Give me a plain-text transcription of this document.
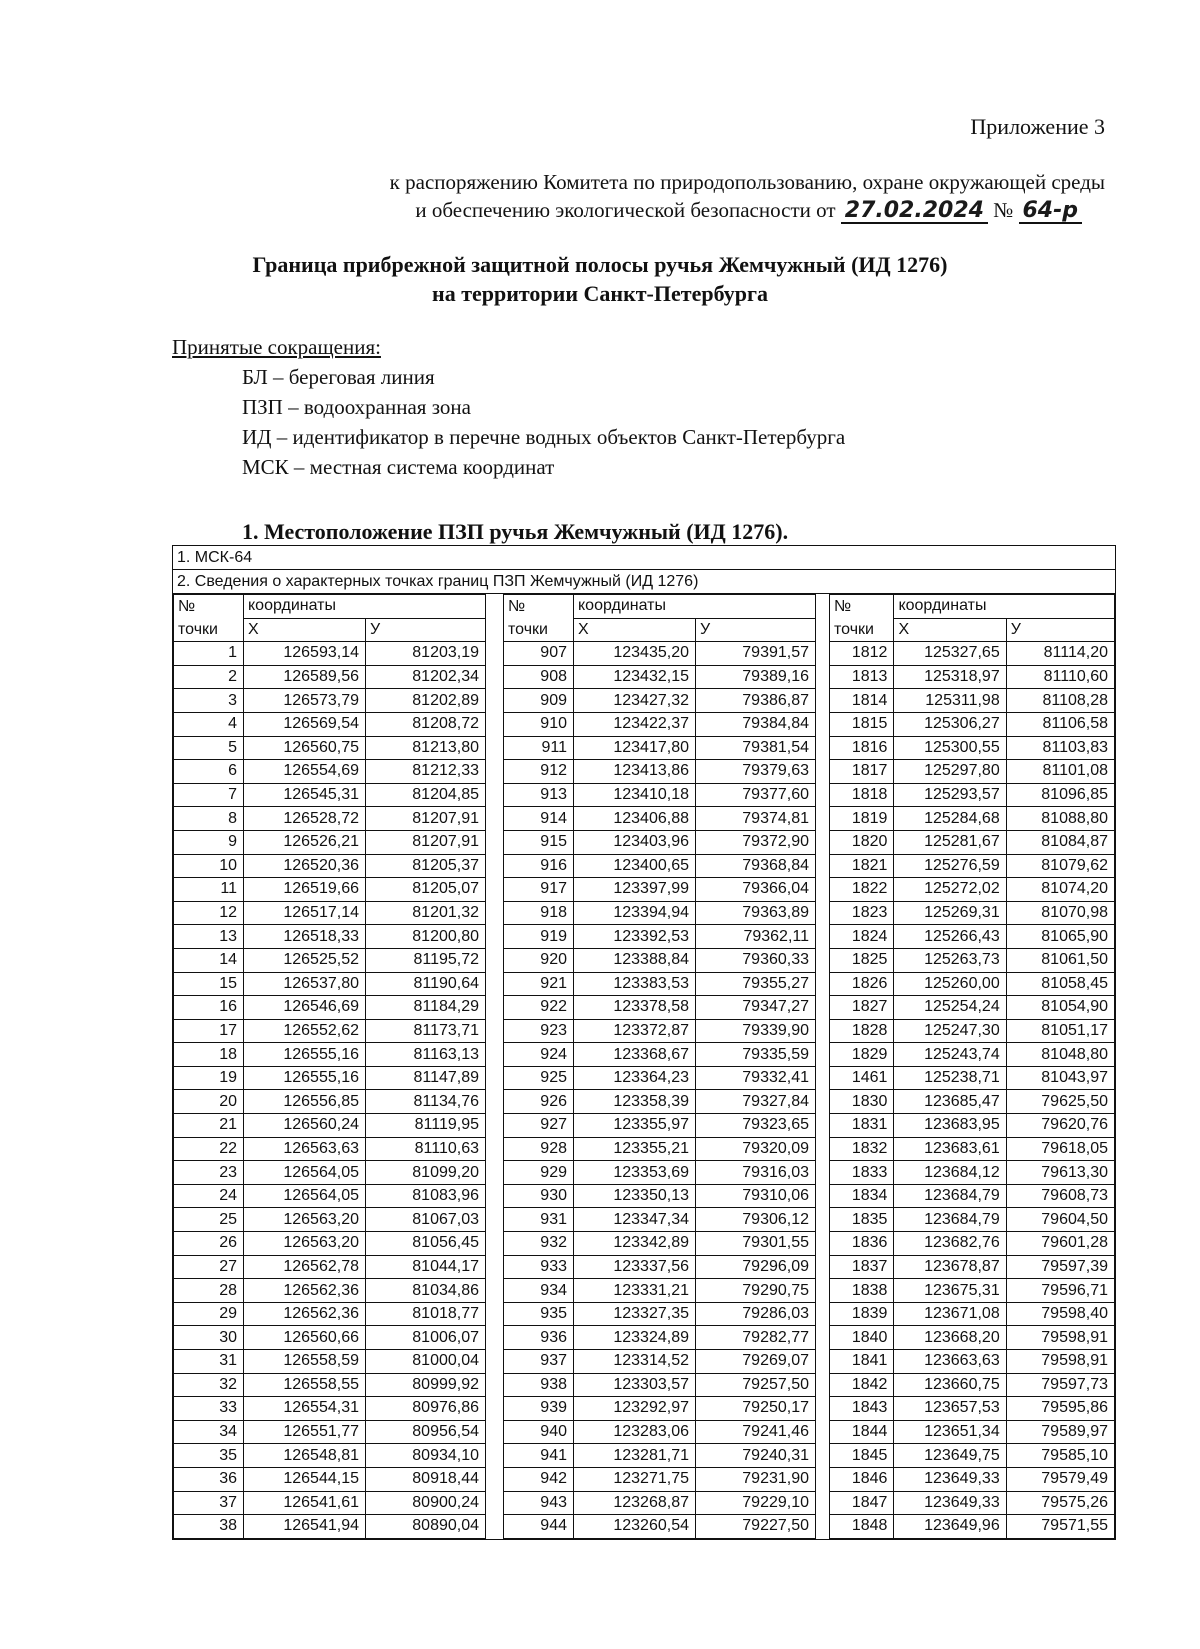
Приложение 3
к распоряжению Комитета по природопользованию, охране окружающей среды
и обеспечению экологической безопасности от 27.02.2024 № 64-р
Граница прибрежной защитной полосы ручья Жемчужный (ИД 1276)
на территории Санкт-Петербурга
Принятые сокращения:
БЛ – береговая линия
ПЗП – водоохранная зона
ИД – идентификатор в перечне водных объектов Санкт-Петербурга
МСК – местная система координат
1. Местоположение ПЗП ручья Жемчужный (ИД 1276).
1. МСК-64
2. Сведения о характерных точках границ ПЗП Жемчужный (ИД 1276)
№	координаты	
точки	X	У
1	126593,14	81203,19
2	126589,56	81202,34
3	126573,79	81202,89
4	126569,54	81208,72
5	126560,75	81213,80
6	126554,69	81212,33
7	126545,31	81204,85
8	126528,72	81207,91
9	126526,21	81207,91
10	126520,36	81205,37
11	126519,66	81205,07
12	126517,14	81201,32
13	126518,33	81200,80
14	126525,52	81195,72
15	126537,80	81190,64
16	126546,69	81184,29
17	126552,62	81173,71
18	126555,16	81163,13
19	126555,16	81147,89
20	126556,85	81134,76
21	126560,24	81119,95
22	126563,63	81110,63
23	126564,05	81099,20
24	126564,05	81083,96
25	126563,20	81067,03
26	126563,20	81056,45
27	126562,78	81044,17
28	126562,36	81034,86
29	126562,36	81018,77
30	126560,66	81006,07
31	126558,59	81000,04
32	126558,55	80999,92
33	126554,31	80976,86
34	126551,77	80956,54
35	126548,81	80934,10
36	126544,15	80918,44
37	126541,61	80900,24
38	126541,94	80890,04
№	координаты	
точки	X	У
907	123435,20	79391,57
908	123432,15	79389,16
909	123427,32	79386,87
910	123422,37	79384,84
911	123417,80	79381,54
912	123413,86	79379,63
913	123410,18	79377,60
914	123406,88	79374,81
915	123403,96	79372,90
916	123400,65	79368,84
917	123397,99	79366,04
918	123394,94	79363,89
919	123392,53	79362,11
920	123388,84	79360,33
921	123383,53	79355,27
922	123378,58	79347,27
923	123372,87	79339,90
924	123368,67	79335,59
925	123364,23	79332,41
926	123358,39	79327,84
927	123355,97	79323,65
928	123355,21	79320,09
929	123353,69	79316,03
930	123350,13	79310,06
931	123347,34	79306,12
932	123342,89	79301,55
933	123337,56	79296,09
934	123331,21	79290,75
935	123327,35	79286,03
936	123324,89	79282,77
937	123314,52	79269,07
938	123303,57	79257,50
939	123292,97	79250,17
940	123283,06	79241,46
941	123281,71	79240,31
942	123271,75	79231,90
943	123268,87	79229,10
944	123260,54	79227,50
№	координаты	
точки	X	У
1812	125327,65	81114,20
1813	125318,97	81110,60
1814	125311,98	81108,28
1815	125306,27	81106,58
1816	125300,55	81103,83
1817	125297,80	81101,08
1818	125293,57	81096,85
1819	125284,68	81088,80
1820	125281,67	81084,87
1821	125276,59	81079,62
1822	125272,02	81074,20
1823	125269,31	81070,98
1824	125266,43	81065,90
1825	125263,73	81061,50
1826	125260,00	81058,45
1827	125254,24	81054,90
1828	125247,30	81051,17
1829	125243,74	81048,80
1461	125238,71	81043,97
1830	123685,47	79625,50
1831	123683,95	79620,76
1832	123683,61	79618,05
1833	123684,12	79613,30
1834	123684,79	79608,73
1835	123684,79	79604,50
1836	123682,76	79601,28
1837	123678,87	79597,39
1838	123675,31	79596,71
1839	123671,08	79598,40
1840	123668,20	79598,91
1841	123663,63	79598,91
1842	123660,75	79597,73
1843	123657,53	79595,86
1844	123651,34	79589,97
1845	123649,75	79585,10
1846	123649,33	79579,49
1847	123649,33	79575,26
1848	123649,96	79571,55
